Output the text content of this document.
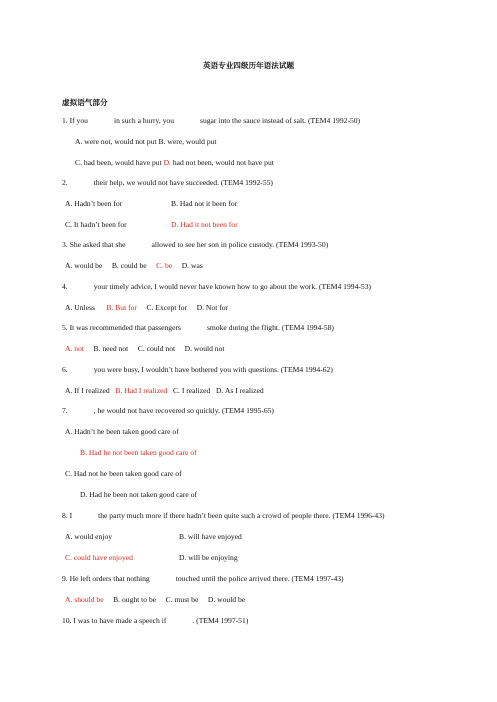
英语专业四级历年语法试题
虚拟语气部分
1. If you	in such a hurry, you	sugar into the sauce instead of salt. (TEM4 1992-50)
A. were not, would not put B. were, would put
C. had been, would have put D. had not been, would not have put
2.	their help, we would not have succeeded. (TEM4 1992-55)
A. Hadn’t been for	B. Had not it been for
C. It hadn’t been for	D. Had it not been for
3. She asked that she	allowed to see her son in police custody. (TEM4 1993-50)
A. would be B. could be C. be D. was
4.	your timely advice, I would never have known how to go about the work. (TEM4 1994-53)
A. Unless B. But for C. Except for D. Not for
5. It was recommended that passengers	smoke during the flight. (TEM4 1994-58)
A. not B. need not C. could not D. would not
6.	you were busy, I wouldn’t have bothered you with questions. (TEM4 1994-62)
A. If I realized B. Had I realized C. I realized D. As I realized
7.	, he would not have recovered so quickly. (TEM4 1995-65)
A. Hadn’t he been taken good care of
B. Had he not been taken good care of
C. Had not he been taken good care of
D. Had he been not taken good care of
8. I	the party much more if there hadn’t been quite such a crowd of people there. (TEM4 1996-43)
A. would enjoy	B. will have enjoyed
C. could have enjoyed	D. will be enjoying
9. He left orders that nothing	touched until the police arrived there. (TEM4 1997-43)
A. should be B. ought to be C. must be D. would be
10. I was to have made a speech if	. (TEM4 1997-51)
